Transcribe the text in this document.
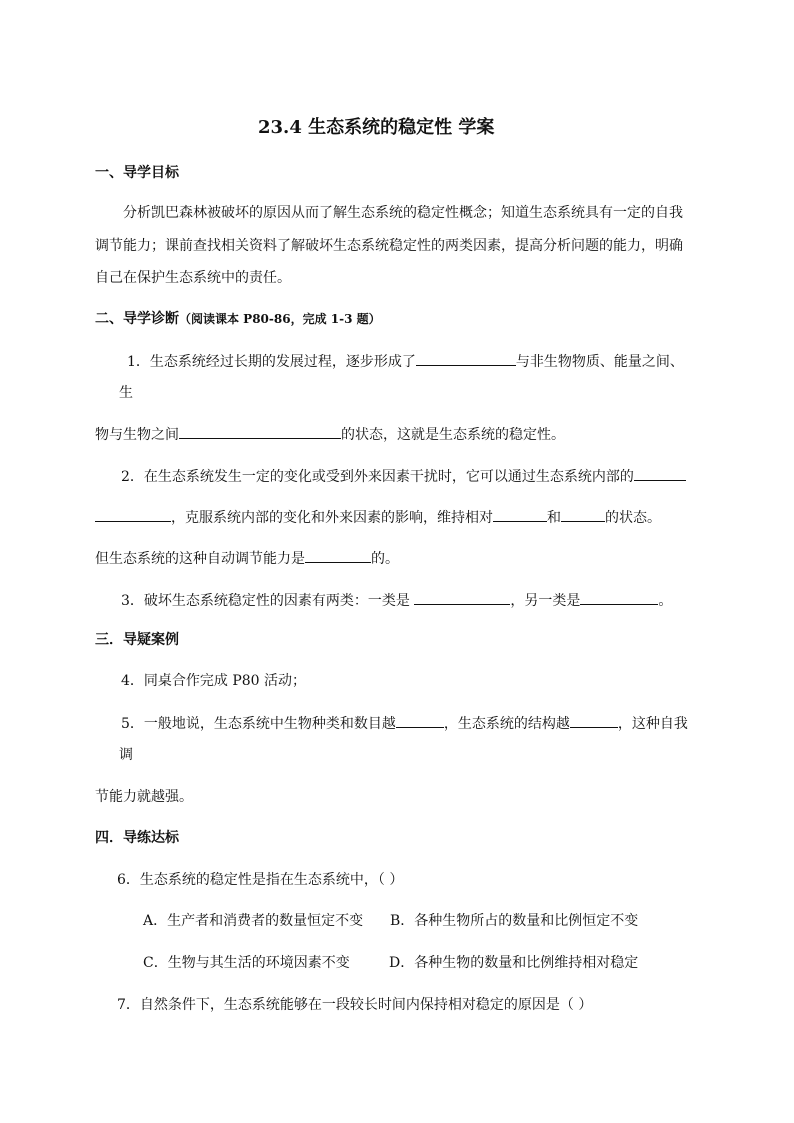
23.4 生态系统的稳定性 学案
一、导学目标
分析凯巴森林被破坏的原因从而了解生态系统的稳定性概念；知道生态系统具有一定的自我
调节能力；课前查找相关资料了解破坏生态系统稳定性的两类因素，提高分析问题的能力，明确
自己在保护生态系统中的责任。
二、导学诊断（阅读课本 P80-86，完成 1-3 题）
1．生态系统经过长期的发展过程，逐步形成了	与非生物物质、能量之间、
生
物与生物之间	的状态，这就是生态系统的稳定性。
2．在生态系统发生一定的变化或受到外来因素干扰时，它可以通过生态系统内部的
，克服系统内部的变化和外来因素的影响，维持相对	和	的状态。
但生态系统的这种自动调节能力是	的。
3．破坏生态系统稳定性的因素有两类：一类是	，另一类是	。
三．导疑案例
4．同桌合作完成 P80 活动；
5．一般地说，生态系统中生物种类和数目越	，生态系统的结构越	，这种自我
调
节能力就越强。
四．导练达标
6．生态系统的稳定性是指在生态系统中，（ ）
A．生产者和消费者的数量恒定不变 B．各种生物所占的数量和比例恒定不变
C．生物与其生活的环境因素不变	D．各种生物的数量和比例维持相对稳定
7．自然条件下，生态系统能够在一段较长时间内保持相对稳定的原因是（ ）
